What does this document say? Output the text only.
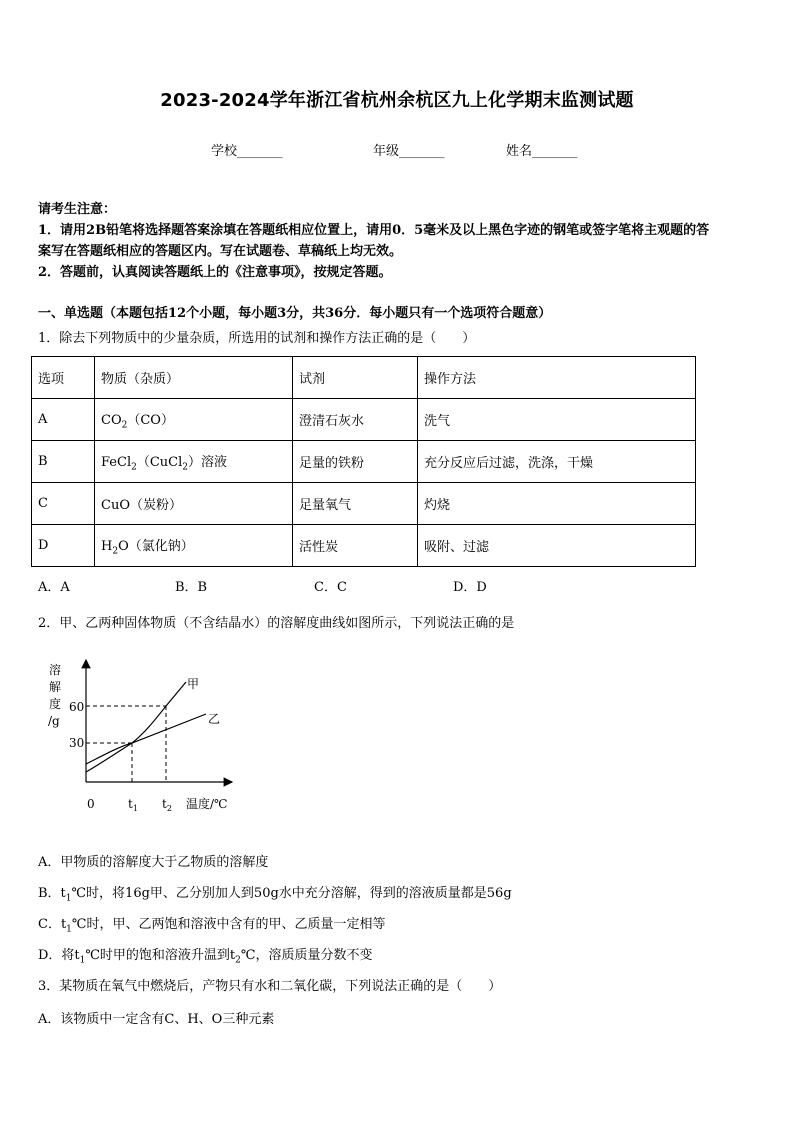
2023-2024学年浙江省杭州余杭区九上化学期末监测试题
学校_______	年级_______	姓名_______
请考生注意：
1．请用2B铅笔将选择题答案涂填在答题纸相应位置上，请用0．5毫米及以上黑色字迹的钢笔或签字笔将主观题的答
案写在答题纸相应的答题区内。写在试题卷、草稿纸上均无效。
2．答题前，认真阅读答题纸上的《注意事项》，按规定答题。
一、单选题（本题包括12个小题，每小题3分，共36分．每小题只有一个选项符合题意）
1．除去下列物质中的少量杂质，所选用的试剂和操作方法正确的是（　　）
选项	物质（杂质）	试剂	操作方法
A	$CO_2(CO)$	澄清石灰水	洗气
B	FeCl$_2$（CuCl$_2$）溶液	足量的铁粉	充分反应后过滤，洗涤，干燥
C	CuO（炭粉）	足量氧气	灼烧
D	$H_2O$（氯化钠）	活性炭	吸附、过滤
A．A	B．B	C．C	D．D
2．甲、乙两种固体物质（不含结晶水）的溶解度曲线如图所示，下列说法正确的是
溶
解
度
/g
60
30
甲
乙
0	$t_1$ $t_2$ 温度/℃
A．甲物质的溶解度大于乙物质的溶解度
B．$t_1℃$时，将16g甲、乙分别加人到50g水中充分溶解，得到的溶液质量都是56g
C．$t_1℃$时，甲、乙两饱和溶液中含有的甲、乙质量一定相等
D．将$t_1℃$时甲的饱和溶液升温到$t_2℃$，溶质质量分数不变
3．某物质在氧气中燃烧后，产物只有水和二氧化碳，下列说法正确的是（　　）
A．该物质中一定含有C、H、O三种元素
